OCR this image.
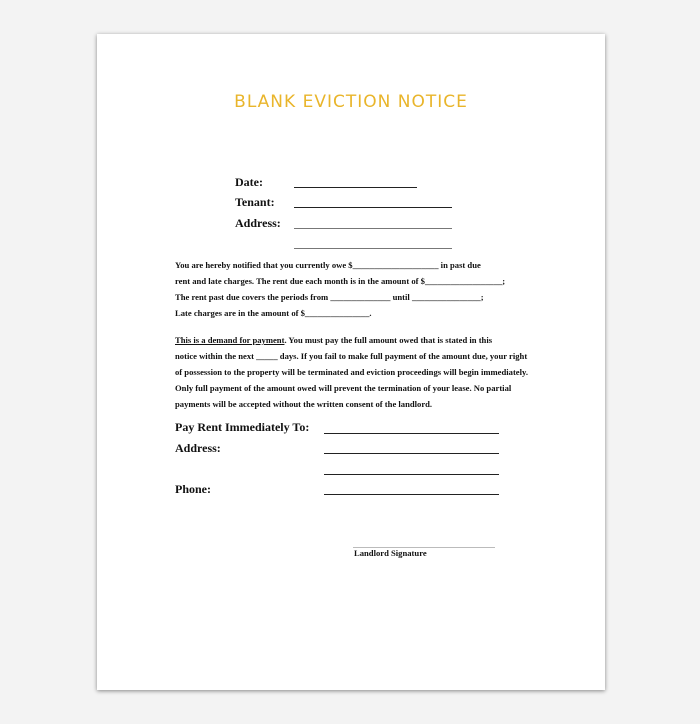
BLANK EVICTION NOTICE
Date:
Tenant:
Address:
You are hereby notified that you currently owe $____________________ in past due
rent and late charges. The rent due each month is in the amount of $__________________;
The rent past due covers the periods from ______________ until ________________;
Late charges are in the amount of $_______________.
This is a demand for payment. You must pay the full amount owed that is stated in this
notice within the next _____ days. If you fail to make full payment of the amount due, your right
of possession to the property will be terminated and eviction proceedings will begin immediately.
Only full payment of the amount owed will prevent the termination of your lease. No partial
payments will be accepted without the written consent of the landlord.
Pay Rent Immediately To:
Address:
Phone:
Landlord Signature
